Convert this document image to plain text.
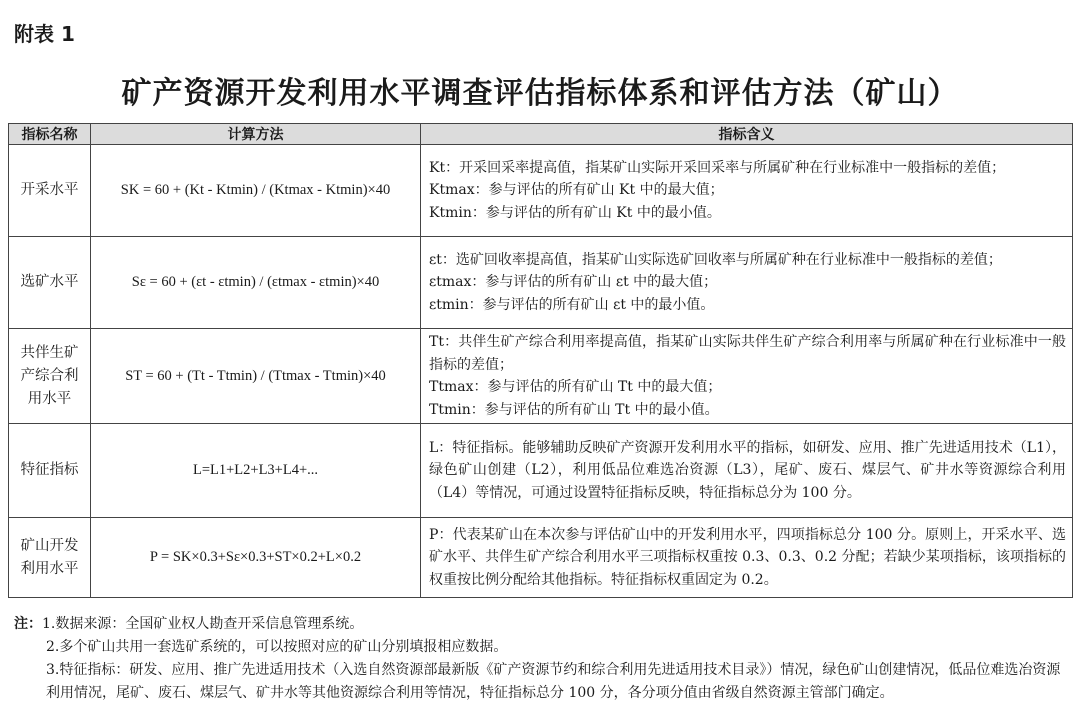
附表 1
矿产资源开发利用水平调查评估指标体系和评估方法（矿山）
指标名称	计算方法	指标含义
开采水平	SK = 60 + (Kt - Ktmin) / (Ktmax - Ktmin)×40	Kt：开采回采率提高值，指某矿山实际开采回采率与所属矿种在行业标准中一般指标的差值；
Ktmax：参与评估的所有矿山 Kt 中的最大值；
Ktmin：参与评估的所有矿山 Kt 中的最小值。

选矿水平	Sε = 60 + (εt - εtmin) / (εtmax - εtmin)×40	εt：选矿回收率提高值，指某矿山实际选矿回收率与所属矿种在行业标准中一般指标的差值；
εtmax：参与评估的所有矿山 εt 中的最大值；
εtmin：参与评估的所有矿山 εt 中的最小值。

共伴生矿产综合利用水平	ST = 60 + (Tt - Ttmin) / (Ttmax - Ttmin)×40	Tt：共伴生矿产综合利用率提高值，指某矿山实际共伴生矿产综合利用率与所属矿种在行业标准中一般指标的差值；
Ttmax：参与评估的所有矿山 Tt 中的最大值；
Ttmin：参与评估的所有矿山 Tt 中的最小值。

特征指标	L=L1+L2+L3+L4+...	L：特征指标。能够辅助反映矿产资源开发利用水平的指标，如研发、应用、推广先进适用技术（L1），绿色矿山创建（L2），利用低品位难选冶资源（L3），尾矿、废石、煤层气、矿井水等资源综合利用（L4）等情况，可通过设置特征指标反映，特征指标总分为 100 分。

矿山开发利用水平	P = SK×0.3+Sε×0.3+ST×0.2+L×0.2	P：代表某矿山在本次参与评估矿山中的开发利用水平，四项指标总分 100 分。原则上，开采水平、选矿水平、共伴生矿产综合利用水平三项指标权重按 0.3、0.3、0.2 分配；若缺少某项指标，该项指标的权重按比例分配给其他指标。特征指标权重固定为 0.2。
注：1.数据来源：全国矿业权人勘查开采信息管理系统。
2.多个矿山共用一套选矿系统的，可以按照对应的矿山分别填报相应数据。
3.特征指标：研发、应用、推广先进适用技术（入选自然资源部最新版《矿产资源节约和综合利用先进适用技术目录》）情况，绿色矿山创建情况，低品位难选冶资源利用情况，尾矿、废石、煤层气、矿井水等其他资源综合利用等情况，特征指标总分 100 分，各分项分值由省级自然资源主管部门确定。
